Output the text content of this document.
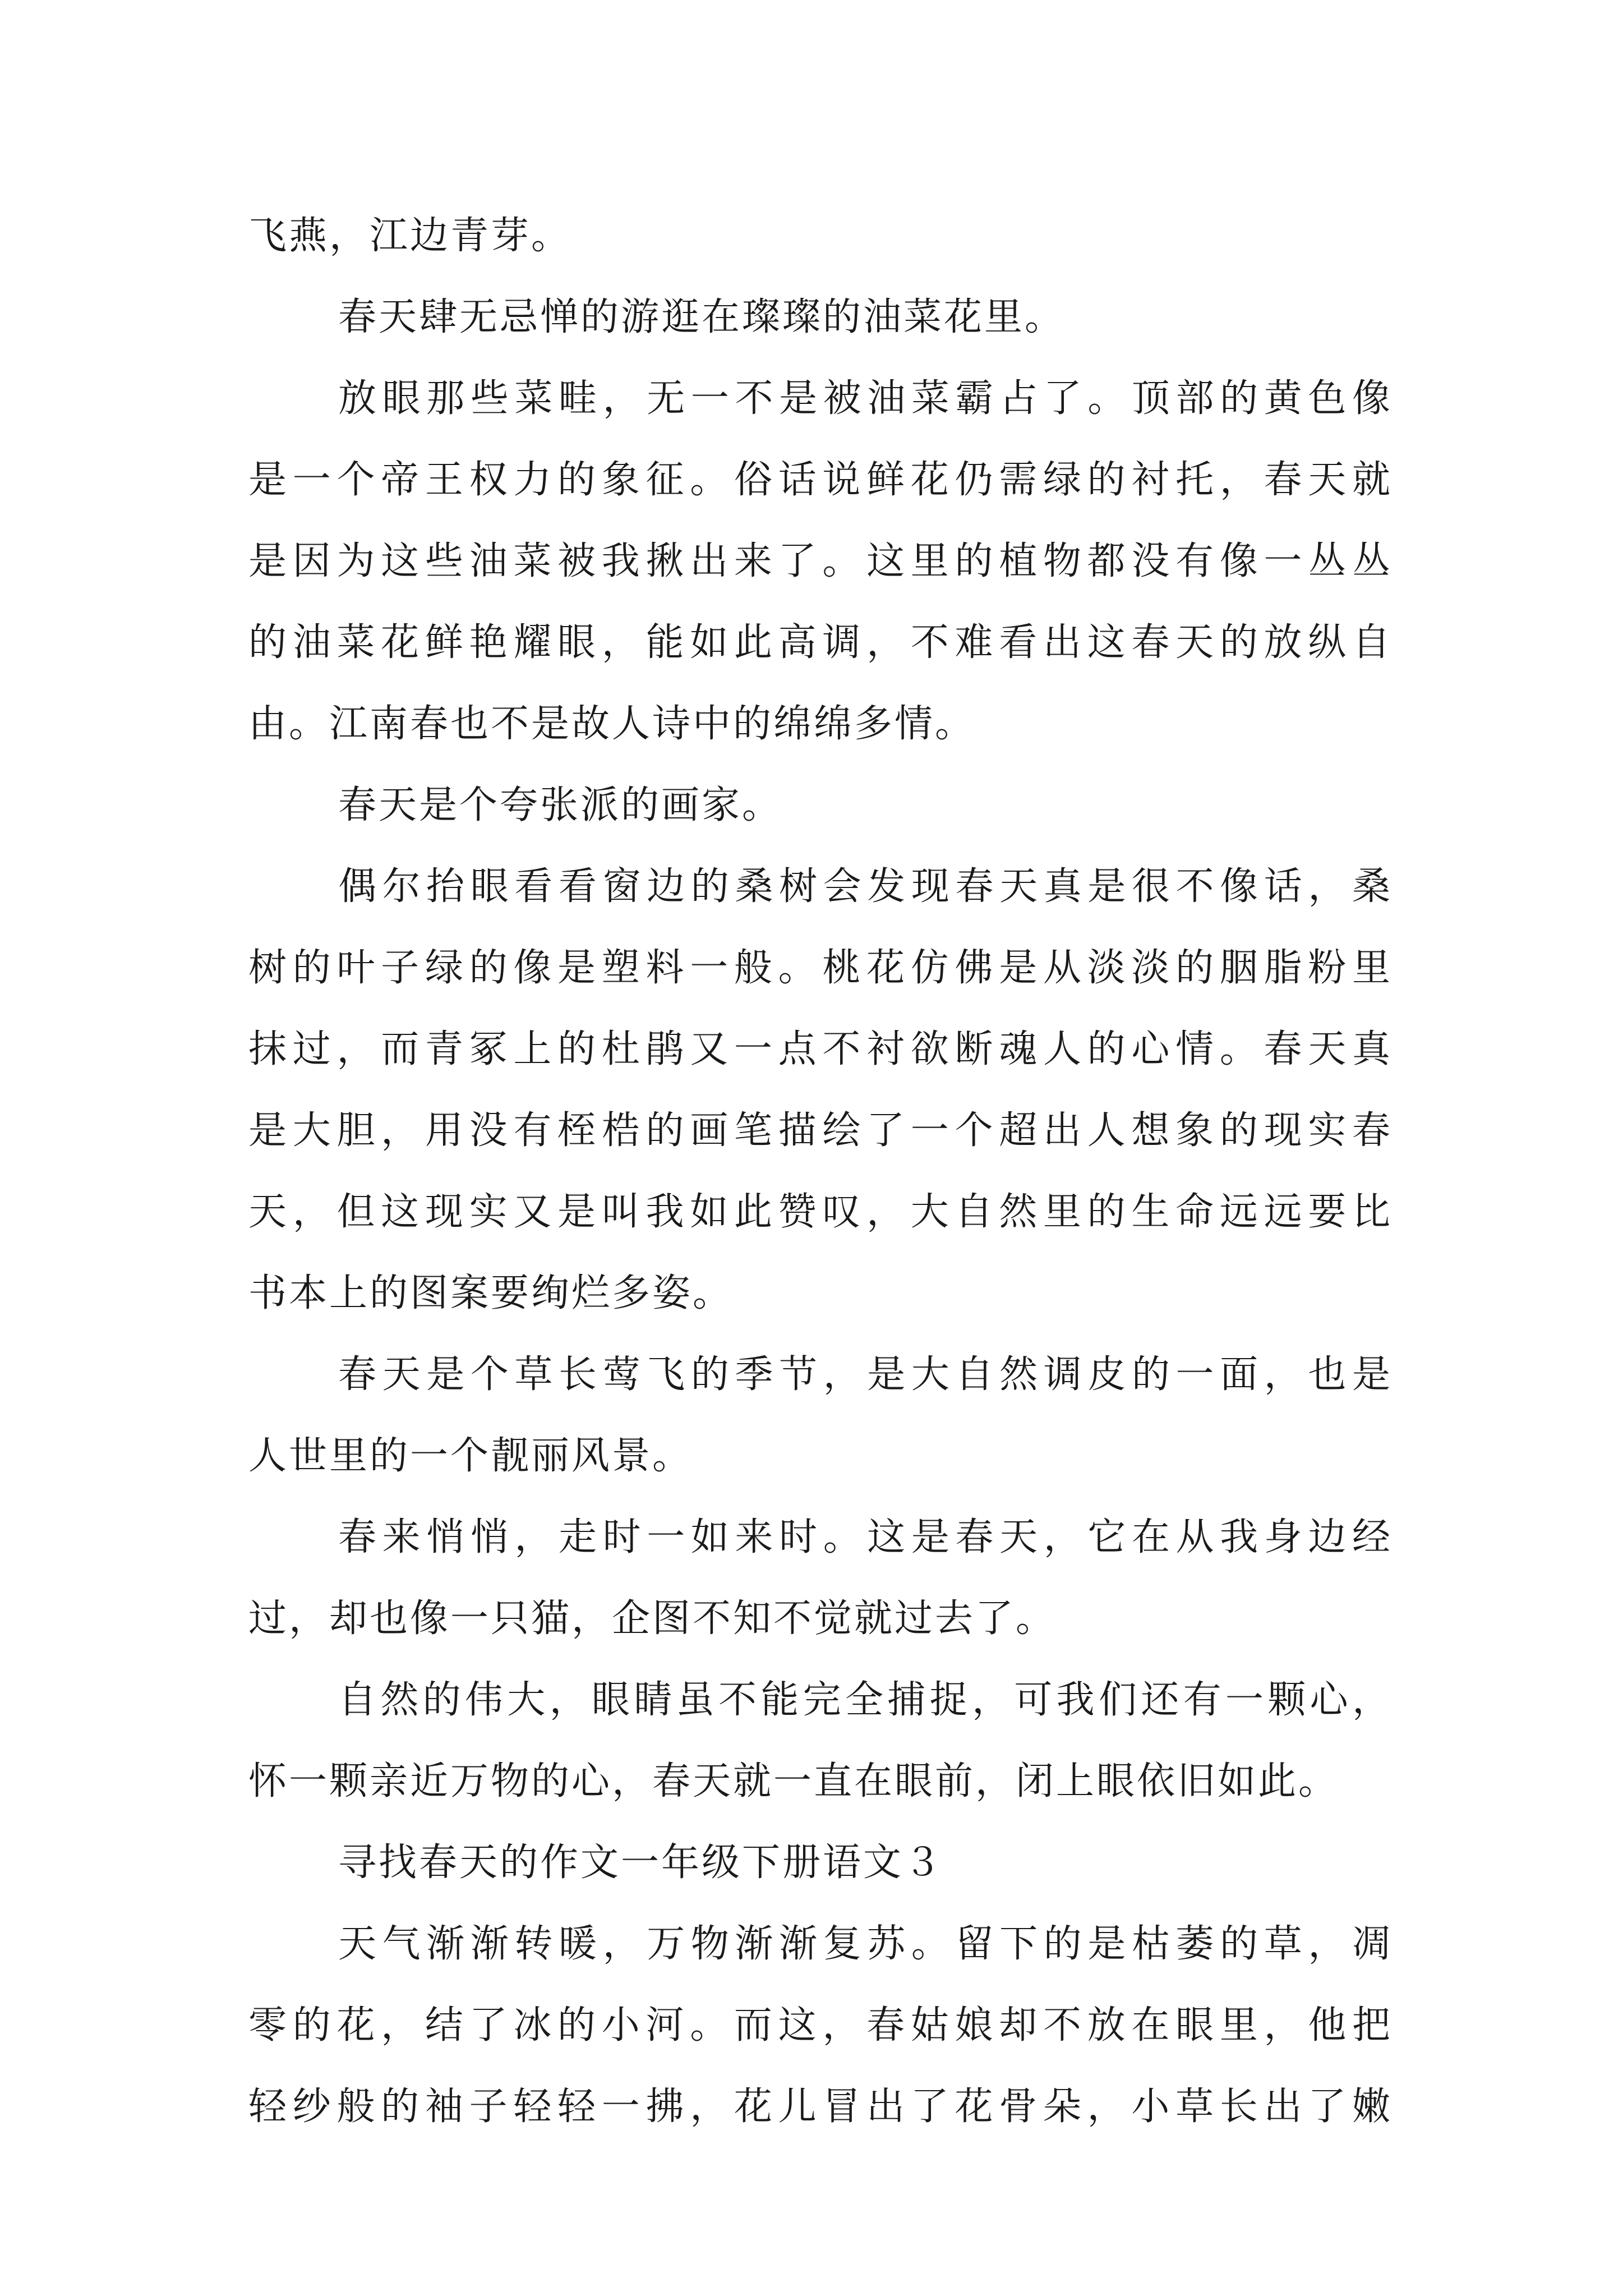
飞燕，江边青芽。
春天肆无忌惮的游逛在璨璨的油菜花里。
放眼那些菜畦，无一不是被油菜霸占了。顶部的黄色像
是一个帝王权力的象征。俗话说鲜花仍需绿的衬托，春天就
是因为这些油菜被我揪出来了。这里的植物都没有像一丛丛
的油菜花鲜艳耀眼，能如此高调，不难看出这春天的放纵自
由。江南春也不是故人诗中的绵绵多情。
春天是个夸张派的画家。
偶尔抬眼看看窗边的桑树会发现春天真是很不像话，桑
树的叶子绿的像是塑料一般。桃花仿佛是从淡淡的胭脂粉里
抹过，而青冢上的杜鹃又一点不衬欲断魂人的心情。春天真
是大胆，用没有桎梏的画笔描绘了一个超出人想象的现实春
天，但这现实又是叫我如此赞叹，大自然里的生命远远要比
书本上的图案要绚烂多姿。
春天是个草长莺飞的季节，是大自然调皮的一面，也是
人世里的一个靓丽风景。
春来悄悄，走时一如来时。这是春天，它在从我身边经
过，却也像一只猫，企图不知不觉就过去了。
自然的伟大，眼睛虽不能完全捕捉，可我们还有一颗心，
怀一颗亲近万物的心，春天就一直在眼前，闭上眼依旧如此。
寻找春天的作文一年级下册语文３
天气渐渐转暖，万物渐渐复苏。留下的是枯萎的草，凋
零的花，结了冰的小河。而这，春姑娘却不放在眼里，他把
轻纱般的袖子轻轻一拂，花儿冒出了花骨朵，小草长出了嫩
